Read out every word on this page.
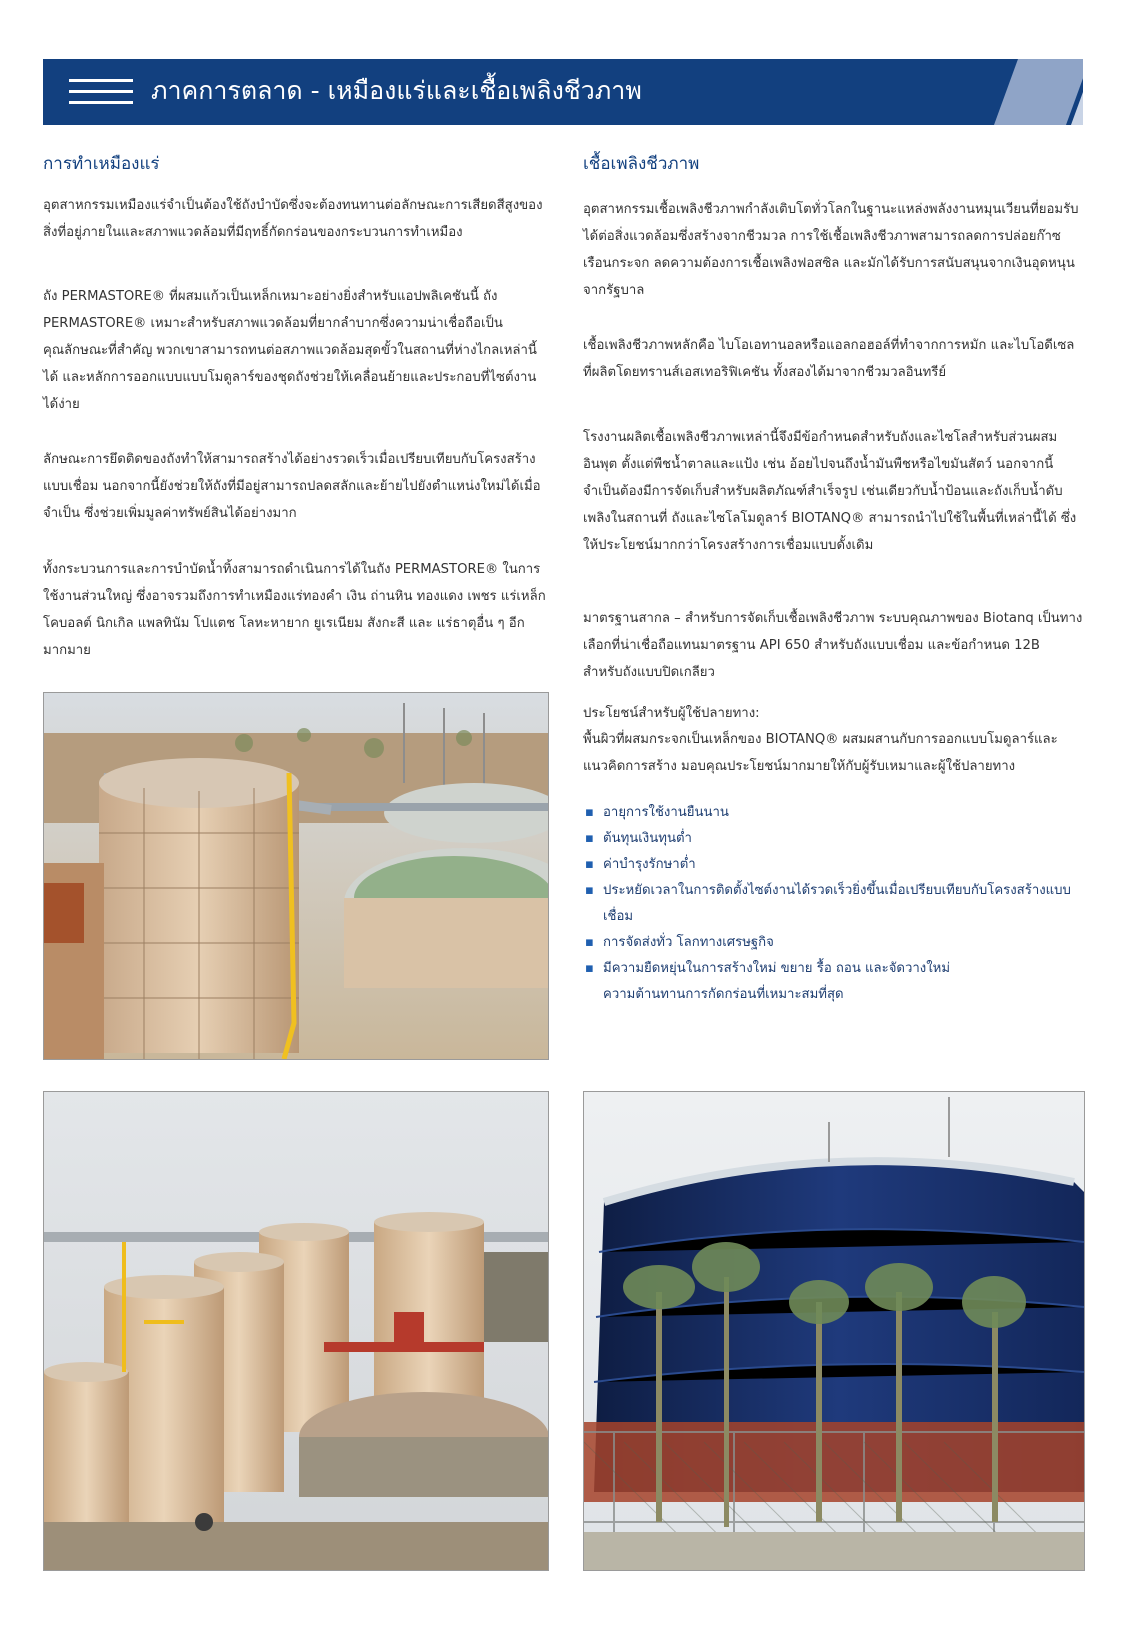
ภาคการตลาด - เหมืองแร่และเชื้อเพลิงชีวภาพ
การทำเหมืองแร่

อุตสาหกรรมเหมืองแร่จำเป็นต้องใช้ถังบำบัดซึ่งจะต้องทนทานต่อลักษณะการเสียดสีสูงของสิ่งที่อยู่ภายในและสภาพแวดล้อมที่มีฤทธิ์กัดกร่อนของกระบวนการทำเหมือง

ถัง PERMASTORE® ที่ผสมแก้วเป็นเหล็กเหมาะอย่างยิ่งสำหรับแอปพลิเคชันนี้ ถัง PERMASTORE® เหมาะสำหรับสภาพแวดล้อมที่ยากลำบากซึ่งความน่าเชื่อถือเป็นคุณลักษณะที่สำคัญ พวกเขาสามารถทนต่อสภาพแวดล้อมสุดขั้วในสถานที่ห่างไกลเหล่านี้ได้ และหลักการออกแบบแบบโมดูลาร์ของชุดถังช่วยให้เคลื่อนย้ายและประกอบที่ไซต์งานได้ง่าย

ลักษณะการยึดติดของถังทำให้สามารถสร้างได้อย่างรวดเร็วเมื่อเปรียบเทียบกับโครงสร้างแบบเชื่อม นอกจากนี้ยังช่วยให้ถังที่มีอยู่สามารถปลดสลักและย้ายไปยังตำแหน่งใหม่ได้เมื่อจำเป็น ซึ่งช่วยเพิ่มมูลค่าทรัพย์สินได้อย่างมาก

ทั้งกระบวนการและการบำบัดน้ำทิ้งสามารถดำเนินการได้ในถัง PERMASTORE® ในการใช้งานส่วนใหญ่ ซึ่งอาจรวมถึงการทำเหมืองแร่ทองคำ เงิน ถ่านหิน ทองแดง เพชร แร่เหล็ก โคบอลต์ นิกเกิล แพลทินัม โปแตช โลหะหายาก ยูเรเนียม สังกะสี และ แร่ธาตุอื่น ๆ อีกมากมาย

เชื้อเพลิงชีวภาพ

อุตสาหกรรมเชื้อเพลิงชีวภาพกำลังเติบโตทั่วโลกในฐานะแหล่งพลังงานหมุนเวียนที่ยอมรับได้ต่อสิ่งแวดล้อมซึ่งสร้างจากชีวมวล การใช้เชื้อเพลิงชีวภาพสามารถลดการปล่อยก๊าซเรือนกระจก ลดความต้องการเชื้อเพลิงฟอสซิล และมักได้รับการสนับสนุนจากเงินอุดหนุนจากรัฐบาล

เชื้อเพลิงชีวภาพหลักคือ ไบโอเอทานอลหรือแอลกอฮอล์ที่ทำจากการหมัก และไบโอดีเซลที่ผลิตโดยทรานส์เอสเทอริฟิเคชัน ทั้งสองได้มาจากชีวมวลอินทรีย์

โรงงานผลิตเชื้อเพลิงชีวภาพเหล่านี้จึงมีข้อกำหนดสำหรับถังและไซโลสำหรับส่วนผสมอินพุต ตั้งแต่พืชน้ำตาลและแป้ง เช่น อ้อยไปจนถึงน้ำมันพืชหรือไขมันสัตว์ นอกจากนี้จำเป็นต้องมีการจัดเก็บสำหรับผลิตภัณฑ์สำเร็จรูป เช่นเดียวกับน้ำป้อนและถังเก็บน้ำดับเพลิงในสถานที่ ถังและไซโลโมดูลาร์ BIOTANQ® สามารถนำไปใช้ในพื้นที่เหล่านี้ได้ ซึ่งให้ประโยชน์มากกว่าโครงสร้างการเชื่อมแบบดั้งเดิม

มาตรฐานสากล – สำหรับการจัดเก็บเชื้อเพลิงชีวภาพ ระบบคุณภาพของ Biotanq เป็นทางเลือกที่น่าเชื่อถือแทนมาตรฐาน API 650 สำหรับถังแบบเชื่อม และข้อกำหนด 12B สำหรับถังแบบปิดเกลียว

ประโยชน์สำหรับผู้ใช้ปลายทาง:

พื้นผิวที่ผสมกระจกเป็นเหล็กของ BIOTANQ® ผสมผสานกับการออกแบบโมดูลาร์และแนวคิดการสร้าง มอบคุณประโยชน์มากมายให้กับผู้รับเหมาและผู้ใช้ปลายทาง

▪ อายุการใช้งานยืนนาน
▪ ต้นทุนเงินทุนต่ำ
▪ ค่าบำรุงรักษาต่ำ
▪ ประหยัดเวลาในการติดตั้งไซต์งานได้รวดเร็วยิ่งขึ้นเมื่อเปรียบเทียบกับโครงสร้างแบบเชื่อม
▪ การจัดส่งทั่ว โลกทางเศรษฐกิจ
▪ มีความยืดหยุ่นในการสร้างใหม่ ขยาย รื้อ ถอน และจัดวางใหม่
ความต้านทานการกัดกร่อนที่เหมาะสมที่สุด
